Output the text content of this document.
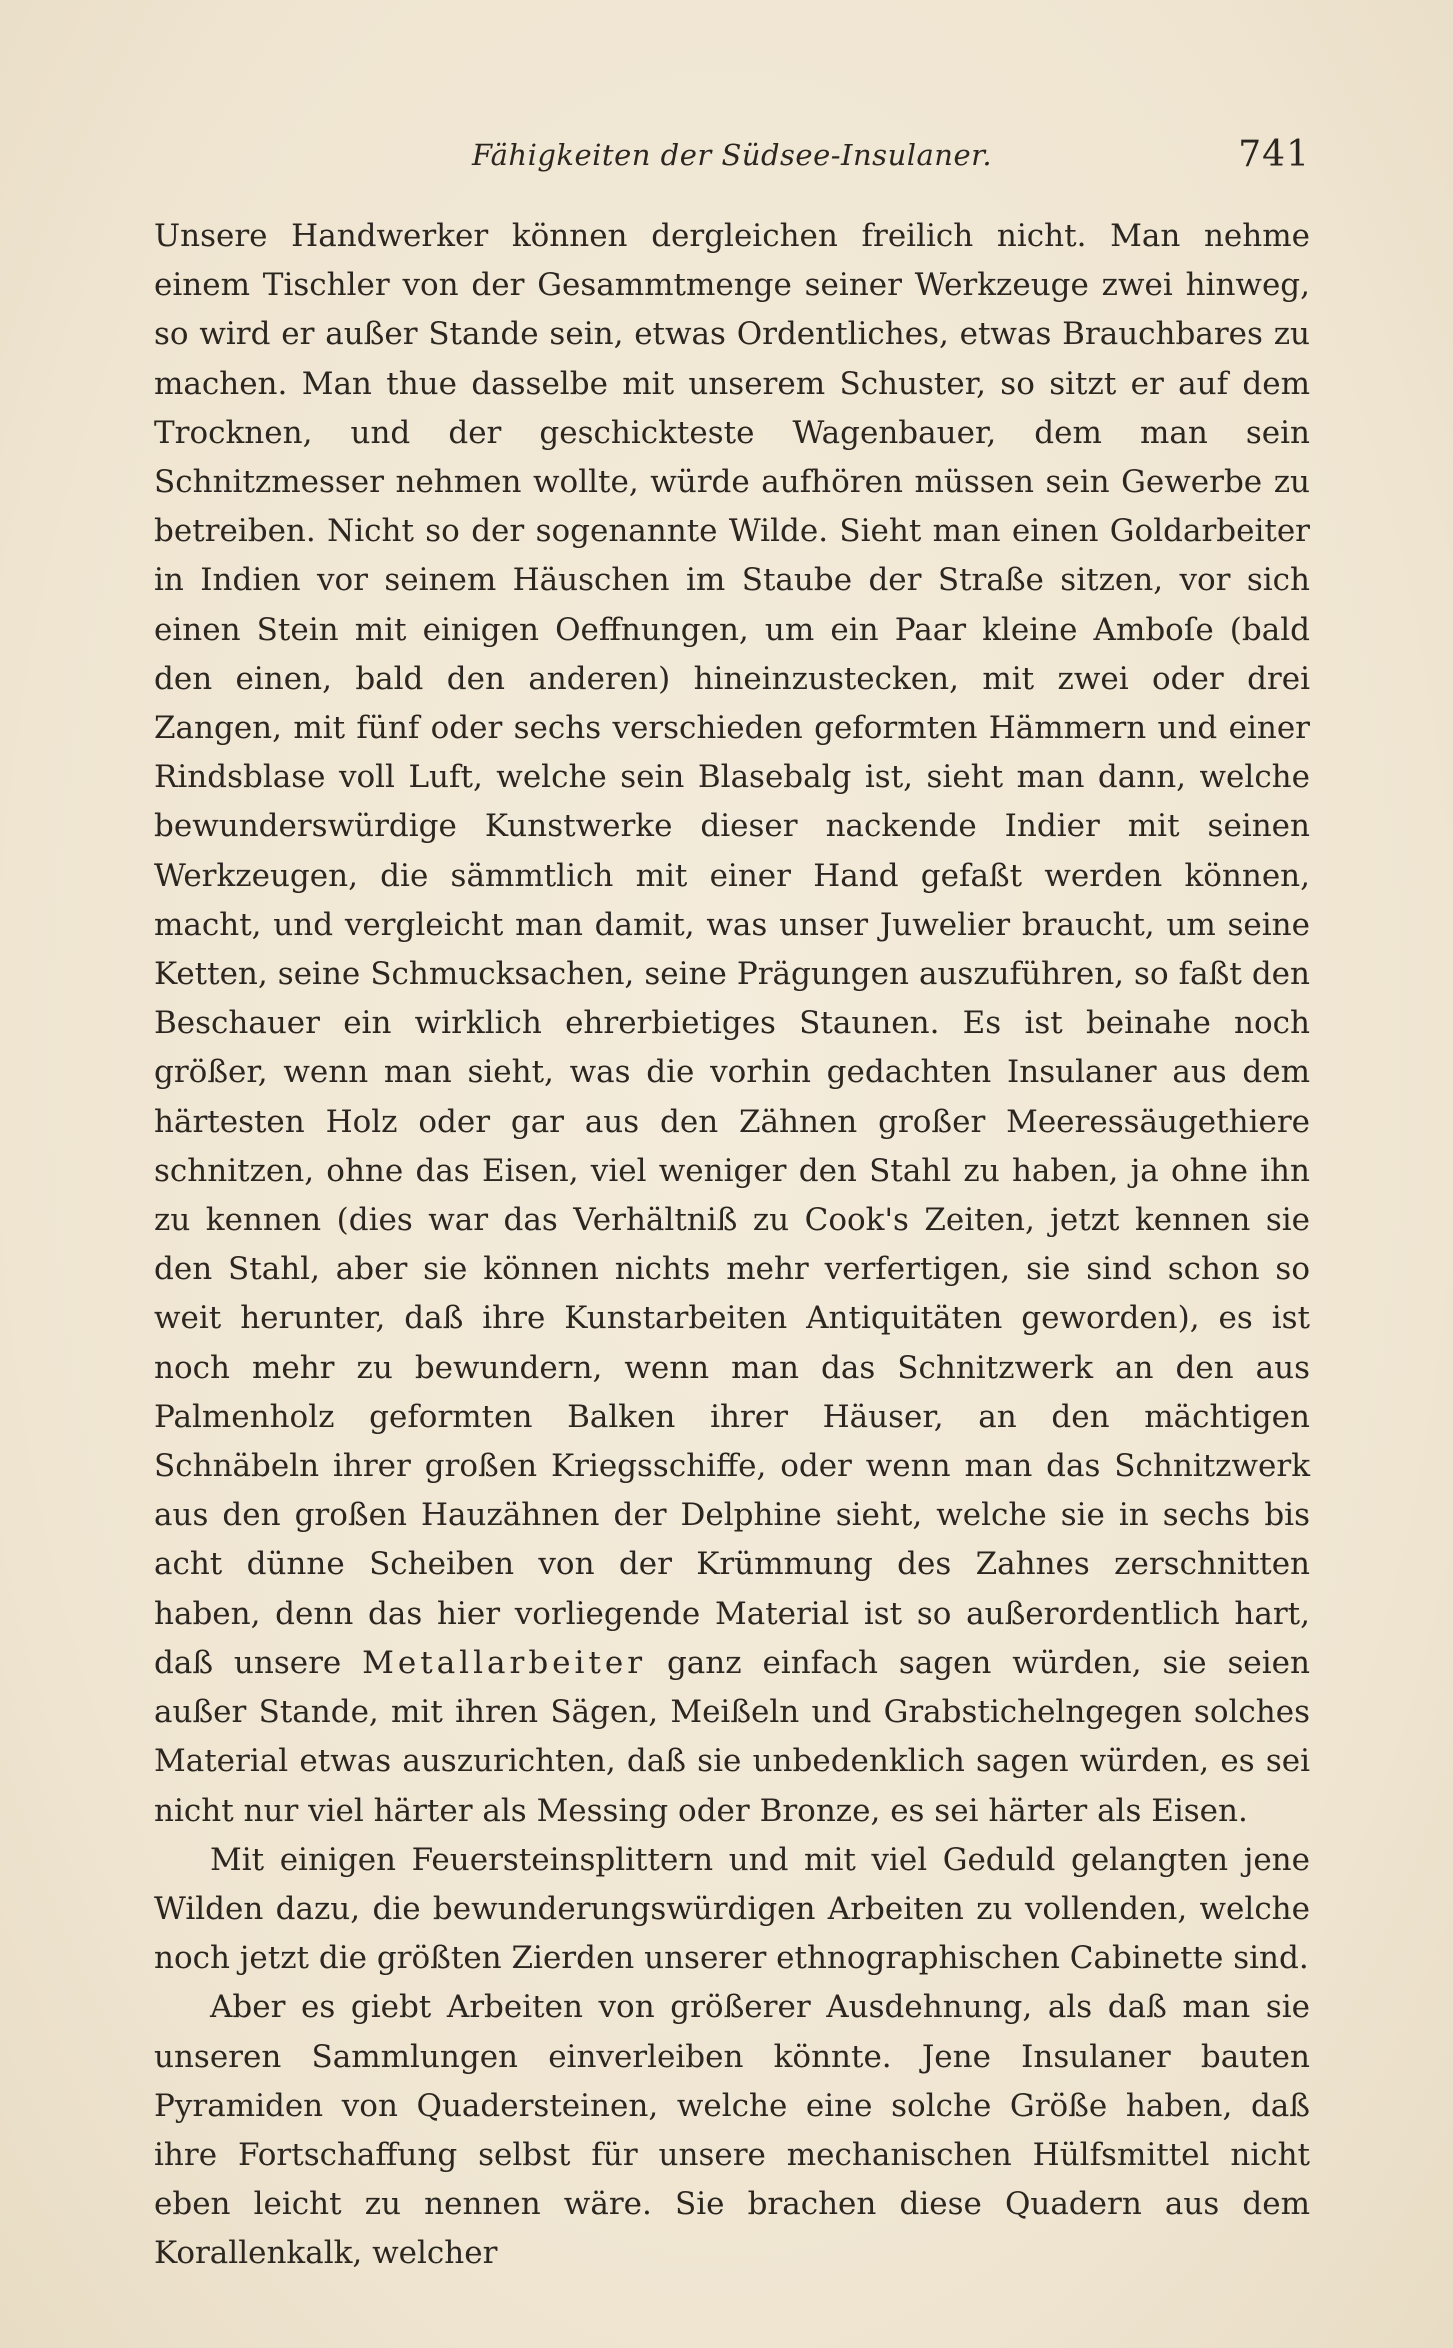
Fähigkeiten der Südsee-Insulaner.	741

Unsere Handwerker können dergleichen freilich nicht. Man nehme einem Tischler von der Gesammtmenge seiner Werkzeuge zwei hinweg, so wird er außer Stande sein, etwas Ordentliches, etwas Brauchbares zu machen. Man thue dasselbe mit unserem Schuster, so sitzt er auf dem Trocknen, und der geschickteste Wagenbauer, dem man sein Schnitzmesser nehmen wollte, würde aufhören müssen sein Gewerbe zu betreiben. Nicht so der sogenannte Wilde. Sieht man einen Goldarbeiter in Indien vor seinem Häuschen im Staube der Straße sitzen, vor sich einen Stein mit einigen Oeffnungen, um ein Paar kleine Amboſe (bald den einen, bald den anderen) hineinzustecken, mit zwei oder drei Zangen, mit fünf oder sechs verschieden geformten Hämmern und einer Rindsblase voll Luft, welche sein Blasebalg ist, sieht man dann, welche bewunderswürdige Kunstwerke dieser nackende Indier mit seinen Werkzeugen, die sämmtlich mit einer Hand gefaßt werden können, macht, und vergleicht man damit, was unser Juwelier braucht, um seine Ketten, seine Schmucksachen, seine Prägungen auszuführen, so faßt den Beschauer ein wirklich ehrerbietiges Staunen. Es ist beinahe noch größer, wenn man sieht, was die vorhin gedachten Insulaner aus dem härtesten Holz oder gar aus den Zähnen großer Meeressäugethiere schnitzen, ohne das Eisen, viel weniger den Stahl zu haben, ja ohne ihn zu kennen (dies war das Verhältniß zu Cook's Zeiten, jetzt kennen sie den Stahl, aber sie können nichts mehr verfertigen, sie sind schon so weit herunter, daß ihre Kunstarbeiten Antiquitäten geworden), es ist noch mehr zu bewundern, wenn man das Schnitzwerk an den aus Palmenholz geformten Balken ihrer Häuser, an den mächtigen Schnäbeln ihrer großen Kriegsschiffe, oder wenn man das Schnitzwerk aus den großen Hauzähnen der Delphine sieht, welche sie in sechs bis acht dünne Scheiben von der Krümmung des Zahnes zerschnitten haben, denn das hier vorliegende Material ist so außerordentlich hart, daß unsere Metallarbeiter ganz einfach sagen würden, sie seien außer Stande, mit ihren Sägen, Meißeln und Grabstichelngegen solches Material etwas auszurichten, daß sie unbedenklich sagen würden, es sei nicht nur viel härter als Messing oder Bronze, es sei härter als Eisen.

Mit einigen Feuersteinsplittern und mit viel Geduld gelangten jene Wilden dazu, die bewunderungswürdigen Arbeiten zu vollenden, welche noch jetzt die größten Zierden unserer ethnographischen Cabinette sind.

Aber es giebt Arbeiten von größerer Ausdehnung, als daß man sie unseren Sammlungen einverleiben könnte. Jene Insulaner bauten Pyramiden von Quadersteinen, welche eine solche Größe haben, daß ihre Fortschaffung selbst für unsere mechanischen Hülfsmittel nicht eben leicht zu nennen wäre. Sie brachen diese Quadern aus dem Korallenkalk, welcher
